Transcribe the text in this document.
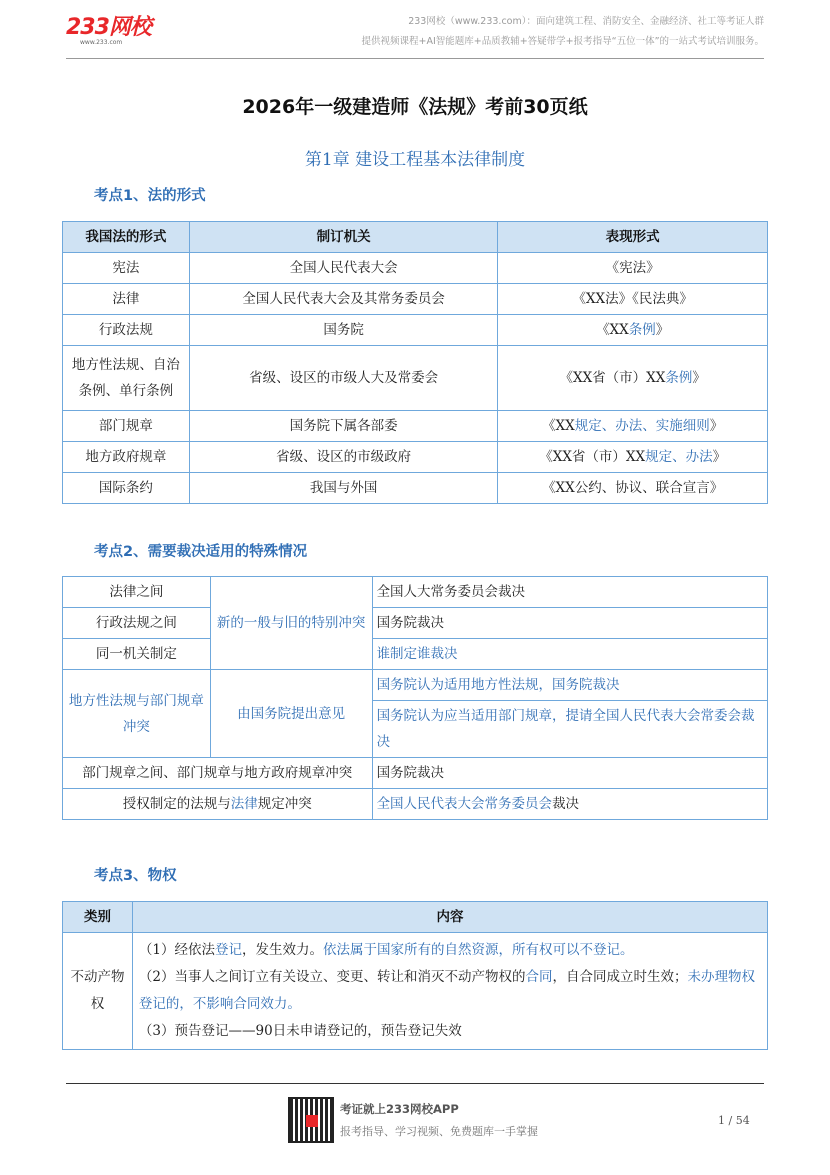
233网校
www.233.com
233网校（www.233.com）：面向建筑工程、消防安全、金融经济、社工等考证人群
提供视频课程+AI智能题库+品质教辅+答疑带学+报考指导“五位一体”的一站式考试培训服务。
2026年一级建造师《法规》考前30页纸
第1章 建设工程基本法律制度
考点1、法的形式
我国法的形式	制订机关	表现形式
宪法	全国人民代表大会	《宪法》
法律	全国人民代表大会及其常务委员会	《XX法》《民法典》
行政法规	国务院	《XX条例》
地方性法规、自治条例、单行条例	省级、设区的市级人大及常委会	《XX省（市）XX条例》
部门规章	国务院下属各部委	《XX规定、办法、实施细则》
地方政府规章	省级、设区的市级政府	《XX省（市）XX规定、办法》
国际条约	我国与外国	《XX公约、协议、联合宣言》
考点2、需要裁决适用的特殊情况
法律之间	新的一般与旧的特别冲突	全国人大常务委员会裁决
行政法规之间		国务院裁决
同一机关制定		谁制定谁裁决
地方性法规与部门规章冲突	由国务院提出意见	国务院认为适用地方性法规，国务院裁决
		国务院认为应当适用部门规章，提请全国人民代表大会常委会裁决
部门规章之间、部门规章与地方政府规章冲突		国务院裁决
授权制定的法规与法律规定冲突		全国人民代表大会常务委员会裁决
考点3、物权
类别	内容
不动产物权	（1）经依法登记，发生效力。依法属于国家所有的自然资源，所有权可以不登记。
（2）当事人之间订立有关设立、变更、转让和消灭不动产物权的合同，自合同成立时生效；未办理物权登记的，不影响合同效力。
（3）预告登记——90日未申请登记的，预告登记失效
考证就上233网校APP
报考指导、学习视频、免费题库一手掌握
1 / 54
